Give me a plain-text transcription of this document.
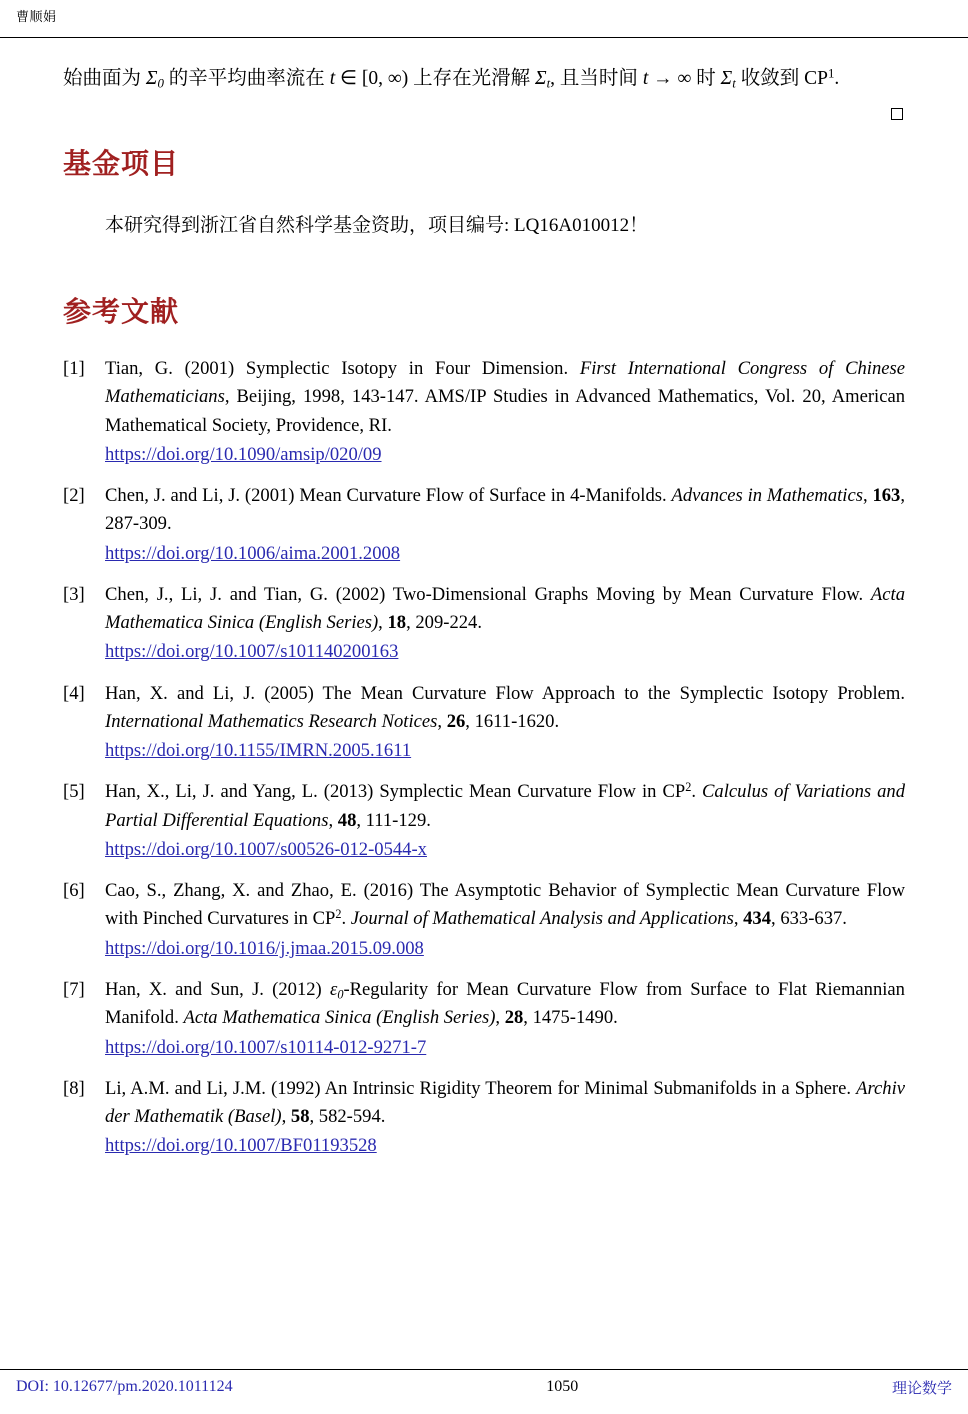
曹顺娟

始曲面为 $\Sigma_0$ 的辛平均曲率流在 t ∈ [0, ∞) 上存在光滑解 $\Sigma_t$, 且当时间 t → ∞ 时 $\Sigma_t$ 收敛到 $CP^1$.

基金项目
本研究得到浙江省自然科学基金资助，项目编号: LQ16A010012！
参考文献
[1]	Tian, G. (2001) Symplectic Isotopy in Four Dimension. First International Congress of Chinese Mathematicians, Beijing, 1998, 143-147. AMS/IP Studies in Advanced Mathematics, Vol. 20, American Mathematical Society, Providence, RI.
https://doi.org/10.1090/amsip/020/09
[2]	Chen, J. and Li, J. (2001) Mean Curvature Flow of Surface in 4-Manifolds. Advances in Mathematics, 163, 287-309.
https://doi.org/10.1006/aima.2001.2008
[3]	Chen, J., Li, J. and Tian, G. (2002) Two-Dimensional Graphs Moving by Mean Curvature Flow. Acta Mathematica Sinica (English Series), 18, 209-224.
https://doi.org/10.1007/s101140200163
[4]	Han, X. and Li, J. (2005) The Mean Curvature Flow Approach to the Symplectic Isotopy Problem. International Mathematics Research Notices, 26, 1611-1620.
https://doi.org/10.1155/IMRN.2005.1611
[5]	Han, X., Li, J. and Yang, L. (2013) Symplectic Mean Curvature Flow in $CP^2$. Calculus of Variations and Partial Differential Equations, 48, 111-129.
https://doi.org/10.1007/s00526-012-0544-x
[6]	Cao, S., Zhang, X. and Zhao, E. (2016) The Asymptotic Behavior of Symplectic Mean Curvature Flow with Pinched Curvatures in $CP^2$. Journal of Mathematical Analysis and Applications, 434, 633-637.
https://doi.org/10.1016/j.jmaa.2015.09.008
[7]	Han, X. and Sun, J. (2012) $\varepsilon_0$-Regularity for Mean Curvature Flow from Surface to Flat Riemannian Manifold. Acta Mathematica Sinica (English Series), 28, 1475-1490.
https://doi.org/10.1007/s10114-012-9271-7
[8]	Li, A.M. and Li, J.M. (1992) An Intrinsic Rigidity Theorem for Minimal Submanifolds in a Sphere. Archiv der Mathematik (Basel), 58, 582-594.
https://doi.org/10.1007/BF01193528
DOI: 10.12677/pm.2020.1011124	1050	理论数学
